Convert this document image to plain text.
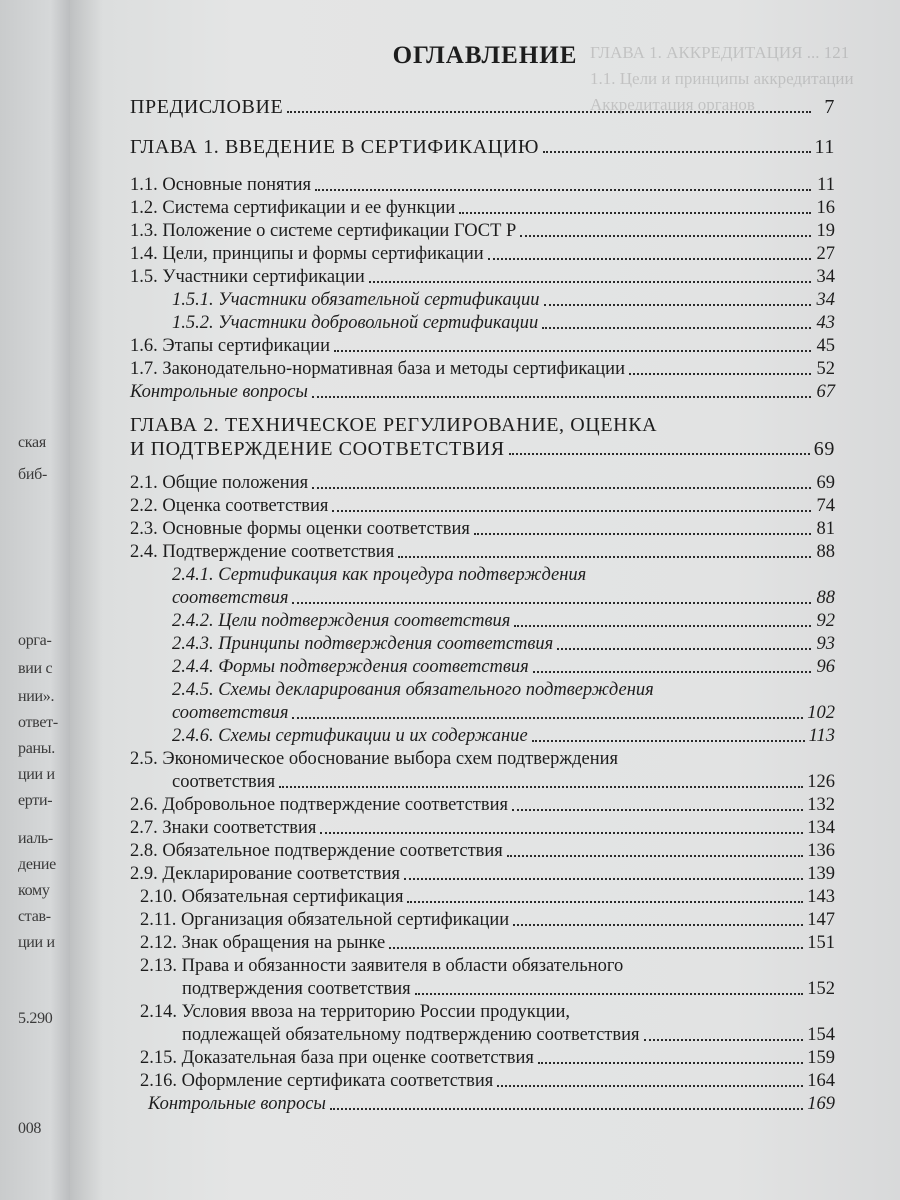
ская
биб-
орга-
вии с
нии».
ответ-
раны.
ции и
ерти-
иаль-
дение
кому
став-
ции и
5.290
008
ГЛАВА 1. АККРЕДИТАЦИЯ ... 121
1.1. Цели и принципы аккредитации
Аккредитация органов
ОГЛАВЛЕНИЕ
ПРЕДИСЛОВИЕ	7
ГЛАВА 1. ВВЕДЕНИЕ В СЕРТИФИКАЦИЮ	11
1.1. Основные понятия	11
1.2. Система сертификации и ее функции	16
1.3. Положение о системе сертификации ГОСТ Р	19
1.4. Цели, принципы и формы сертификации	27
1.5. Участники сертификации	34
1.5.1. Участники обязательной сертификации	34
1.5.2. Участники добровольной сертификации	43
1.6. Этапы сертификации	45
1.7. Законодательно-нормативная база и методы сертификации	52
Контрольные вопросы	67
ГЛАВА 2. ТЕХНИЧЕСКОЕ РЕГУЛИРОВАНИЕ, ОЦЕНКА
И ПОДТВЕРЖДЕНИЕ СООТВЕТСТВИЯ	69
2.1. Общие положения	69
2.2. Оценка соответствия	74
2.3. Основные формы оценки соответствия	81
2.4. Подтверждение соответствия	88
2.4.1. Сертификация как процедура подтверждения
соответствия	88
2.4.2. Цели подтверждения соответствия	92
2.4.3. Принципы подтверждения соответствия	93
2.4.4. Формы подтверждения соответствия	96
2.4.5. Схемы декларирования обязательного подтверждения
соответствия	102
2.4.6. Схемы сертификации и их содержание	113
2.5. Экономическое обоснование выбора схем подтверждения
соответствия	126
2.6. Добровольное подтверждение соответствия	132
2.7. Знаки соответствия	134
2.8. Обязательное подтверждение соответствия	136
2.9. Декларирование соответствия	139
2.10. Обязательная сертификация	143
2.11. Организация обязательной сертификации	147
2.12. Знак обращения на рынке	151
2.13. Права и обязанности заявителя в области обязательного
подтверждения соответствия	152
2.14. Условия ввоза на территорию России продукции,
подлежащей обязательному подтверждению соответствия	154
2.15. Доказательная база при оценке соответствия	159
2.16. Оформление сертификата соответствия	164
Контрольные вопросы	169
